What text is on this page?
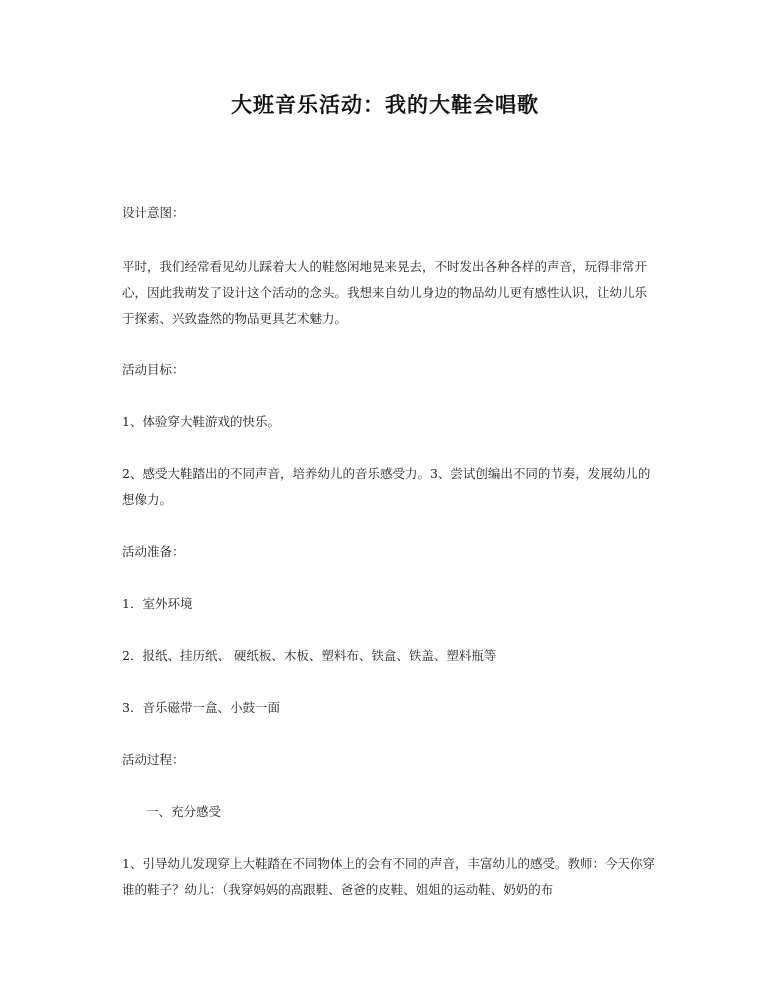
大班音乐活动：我的大鞋会唱歌

设计意图：

平时，我们经常看见幼儿踩着大人的鞋悠闲地晃来晃去，不时发出各种各样的声音，玩得非常开心，因此我萌发了设计这个活动的念头。我想来自幼儿身边的物品幼儿更有感性认识，让幼儿乐于探索、兴致盎然的物品更具艺术魅力。

活动目标：

1、体验穿大鞋游戏的快乐。

2、感受大鞋踏出的不同声音，培养幼儿的音乐感受力。3、尝试创编出不同的节奏，发展幼儿的想像力。

活动准备：

1．室外环境

2．报纸、挂历纸、 硬纸板、木板、塑料布、铁盒、铁盖、塑料瓶等

3．音乐磁带一盒、小鼓一面

活动过程：

一、充分感受

1、引导幼儿发现穿上大鞋踏在不同物体上的会有不同的声音，丰富幼儿的感受。教师：今天你穿谁的鞋子？幼儿：（我穿妈妈的高跟鞋、爸爸的皮鞋、姐姐的运动鞋、奶奶的布
